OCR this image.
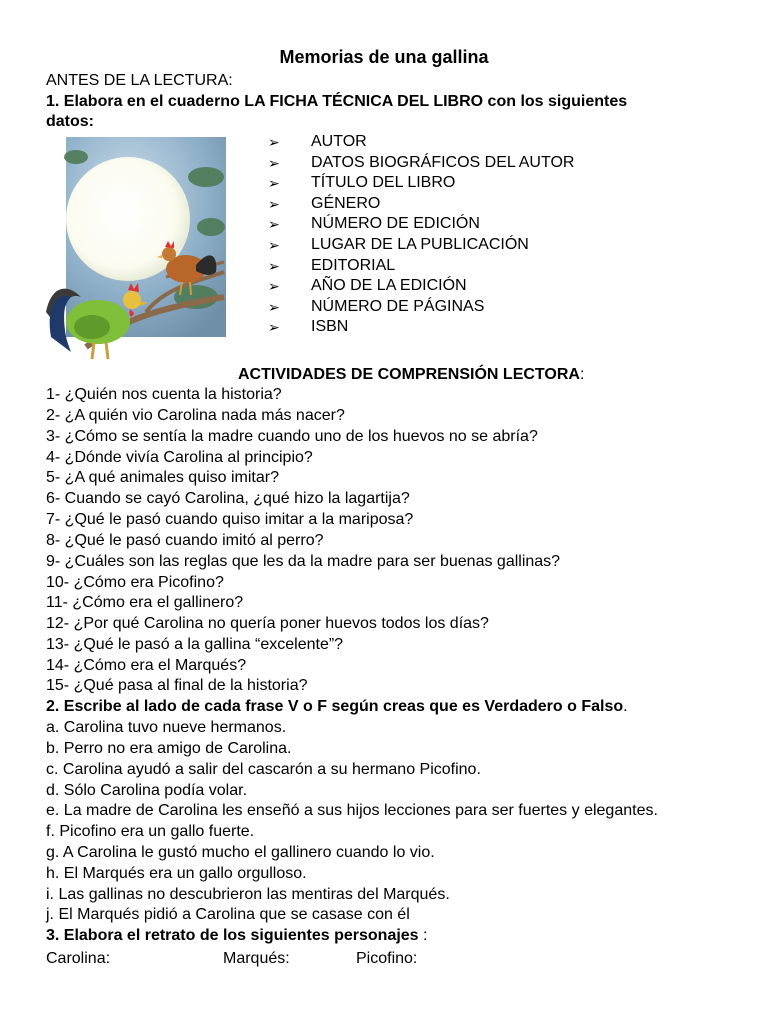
Memorias de una gallina
ANTES DE LA LECTURA:
1. Elabora en el cuaderno LA FICHA TÉCNICA DEL LIBRO con los siguientes
datos:
➢ AUTOR
➢ DATOS BIOGRÁFICOS DEL AUTOR
➢ TÍTULO DEL LIBRO
➢ GÉNERO
➢ NÚMERO DE EDICIÓN
➢ LUGAR DE LA PUBLICACIÓN
➢ EDITORIAL
➢ AÑO DE LA EDICIÓN
➢ NÚMERO DE PÁGINAS
➢ ISBN
ACTIVIDADES DE COMPRENSIÓN LECTORA:
1- ¿Quién nos cuenta la historia?
2- ¿A quién vio Carolina nada más nacer?
3- ¿Cómo se sentía la madre cuando uno de los huevos no se abría?
4- ¿Dónde vivía Carolina al principio?
5- ¿A qué animales quiso imitar?
6- Cuando se cayó Carolina, ¿qué hizo la lagartija?
7- ¿Qué le pasó cuando quiso imitar a la mariposa?
8- ¿Qué le pasó cuando imitó al perro?
9- ¿Cuáles son las reglas que les da la madre para ser buenas gallinas?
10- ¿Cómo era Picofino?
11- ¿Cómo era el gallinero?
12- ¿Por qué Carolina no quería poner huevos todos los días?
13- ¿Qué le pasó a la gallina “excelente”?
14- ¿Cómo era el Marqués?
15- ¿Qué pasa al final de la historia?
2. Escribe al lado de cada frase V o F según creas que es Verdadero o Falso.
a. Carolina tuvo nueve hermanos.
b. Perro no era amigo de Carolina.
c. Carolina ayudó a salir del cascarón a su hermano Picofino.
d. Sólo Carolina podía volar.
e. La madre de Carolina les enseñó a sus hijos lecciones para ser fuertes y elegantes.
f. Picofino era un gallo fuerte.
g. A Carolina le gustó mucho el gallinero cuando lo vio.
h. El Marqués era un gallo orgulloso.
i. Las gallinas no descubrieron las mentiras del Marqués.
j. El Marqués pidió a Carolina que se casase con él
3. Elabora el retrato de los siguientes personajes :
Carolina:	Marqués:	Picofino:
